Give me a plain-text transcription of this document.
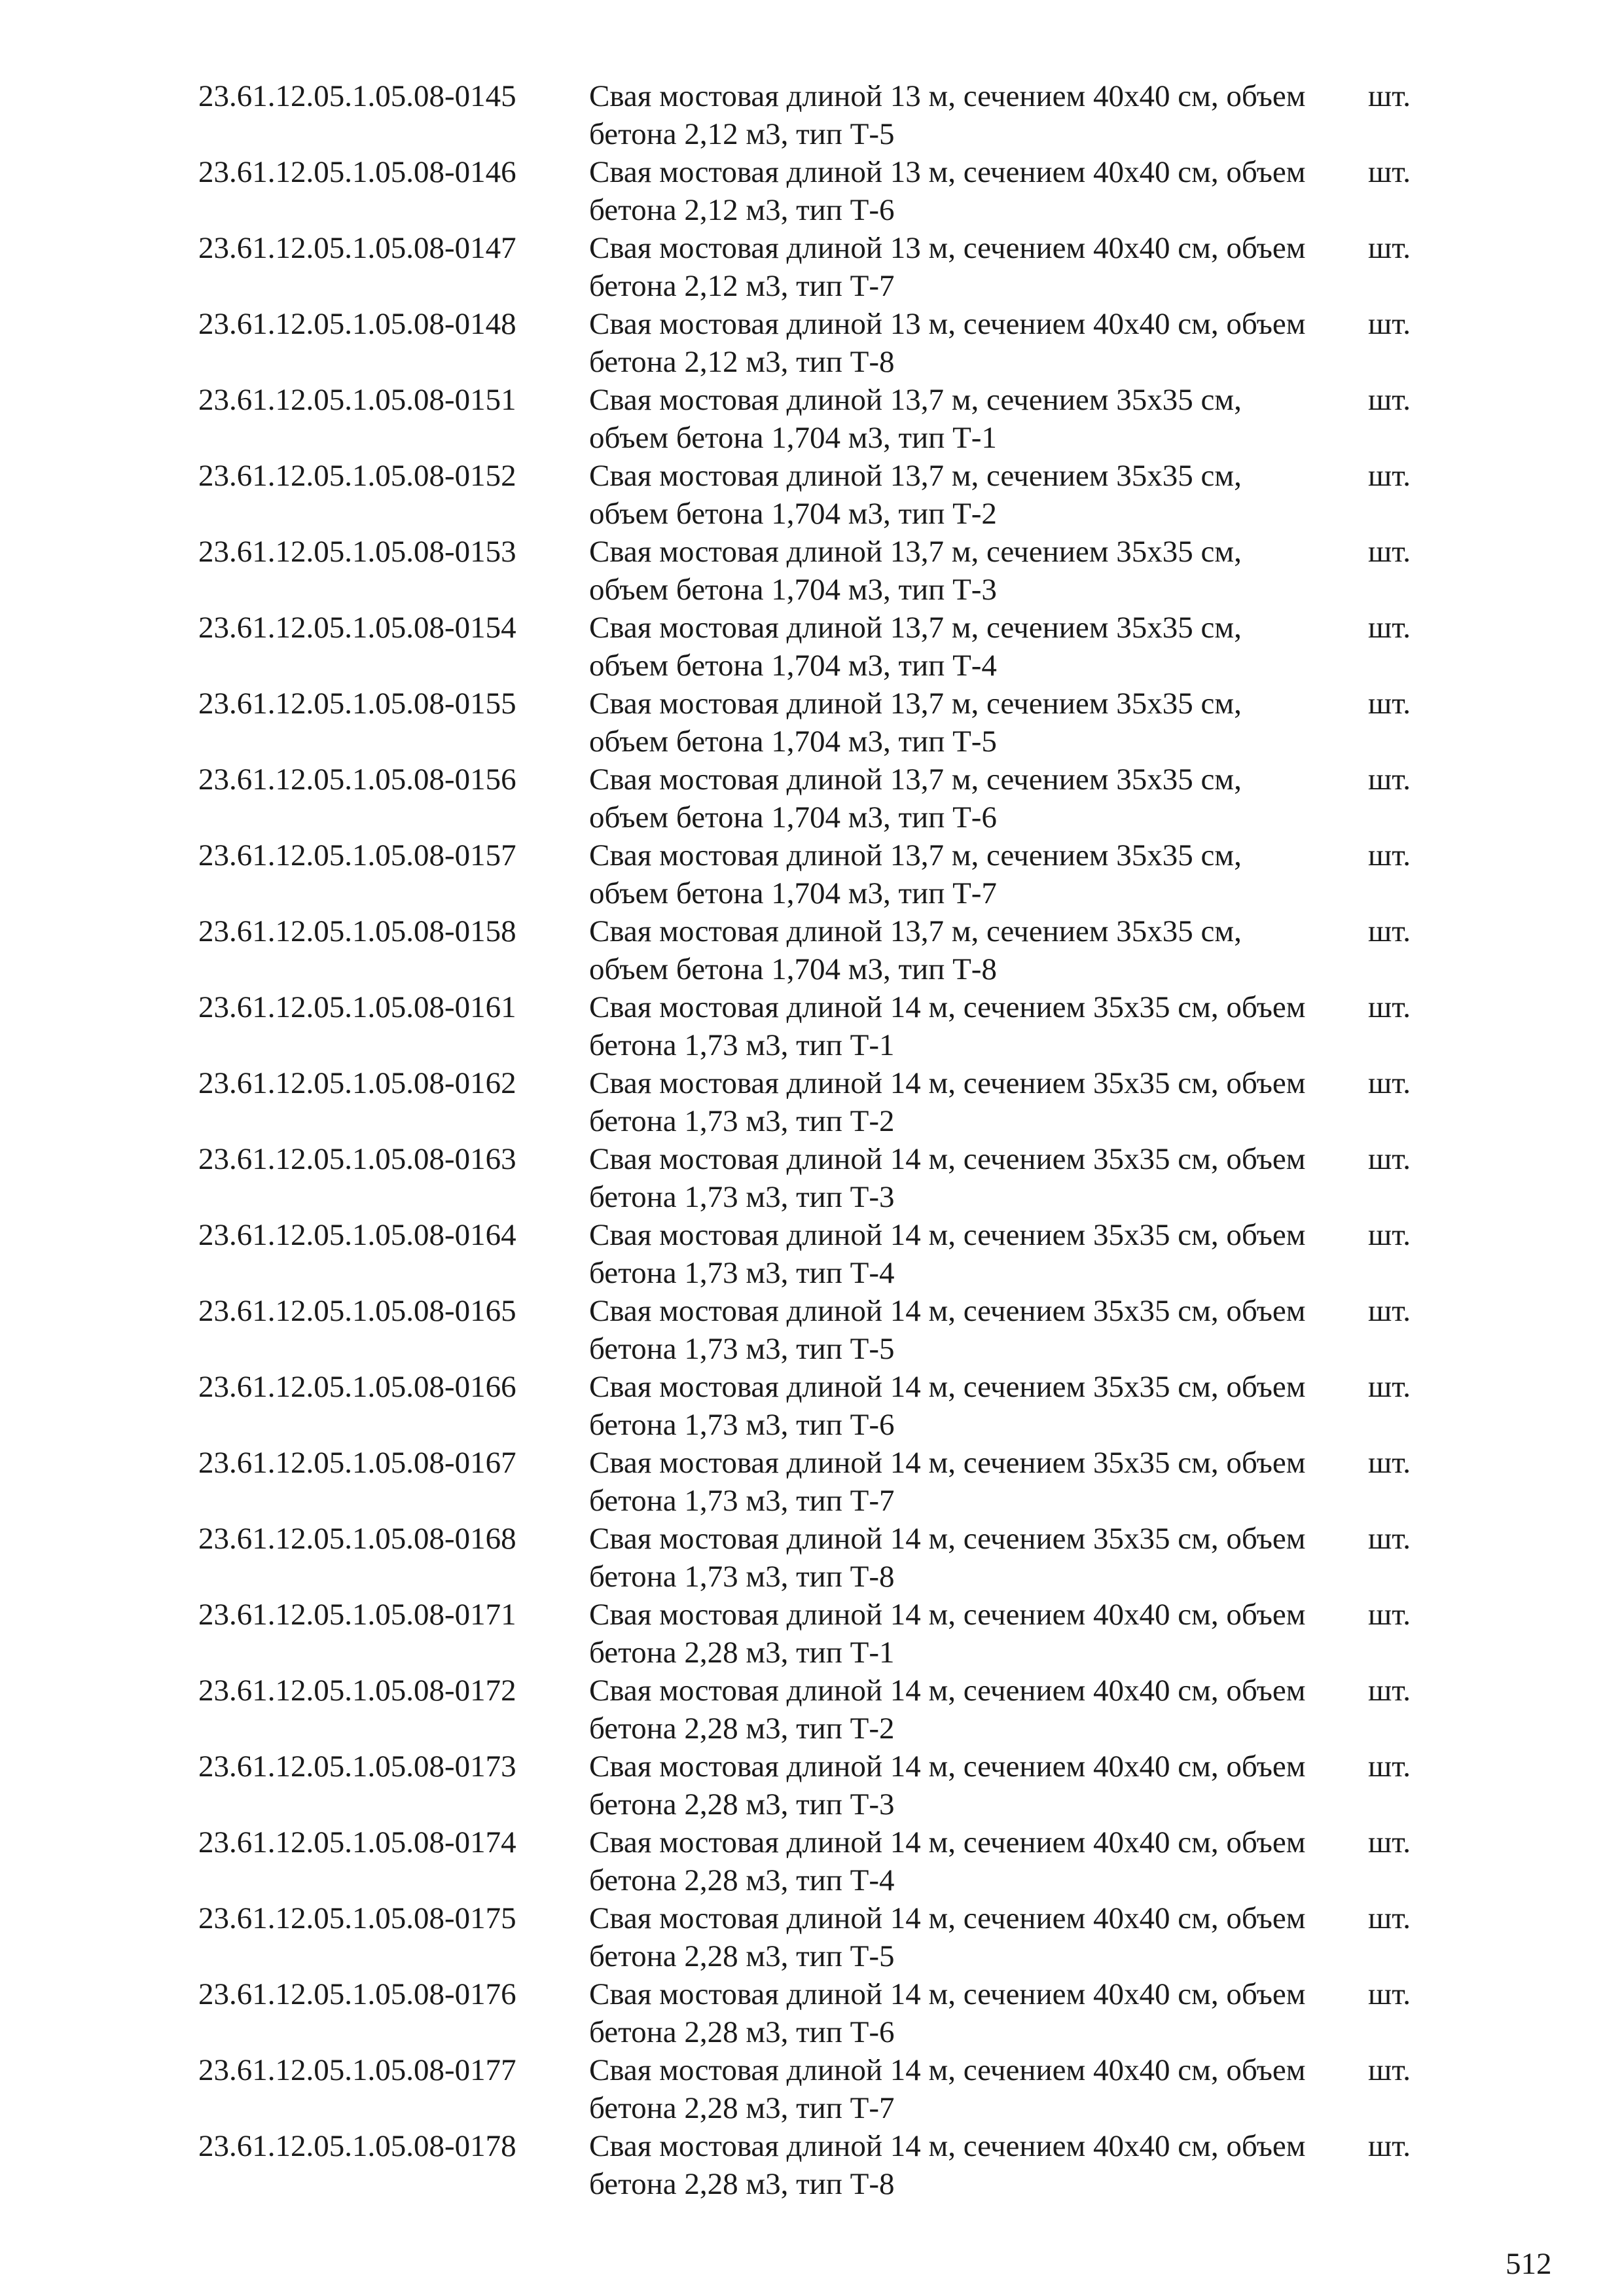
23.61.12.05.1.05.08-0145	Свая мостовая длиной 13 м, сечением 40х40 см, объем
бетона 2,12 м3, тип Т-5
шт.
23.61.12.05.1.05.08-0146	Свая мостовая длиной 13 м, сечением 40х40 см, объем
бетона 2,12 м3, тип Т-6
шт.
23.61.12.05.1.05.08-0147	Свая мостовая длиной 13 м, сечением 40х40 см, объем
бетона 2,12 м3, тип Т-7
шт.
23.61.12.05.1.05.08-0148	Свая мостовая длиной 13 м, сечением 40х40 см, объем
бетона 2,12 м3, тип Т-8
шт.
23.61.12.05.1.05.08-0151	Свая мостовая длиной 13,7 м, сечением 35х35 см,
объем бетона 1,704 м3, тип Т-1
шт.
23.61.12.05.1.05.08-0152	Свая мостовая длиной 13,7 м, сечением 35х35 см,
объем бетона 1,704 м3, тип Т-2
шт.
23.61.12.05.1.05.08-0153	Свая мостовая длиной 13,7 м, сечением 35х35 см,
объем бетона 1,704 м3, тип Т-3
шт.
23.61.12.05.1.05.08-0154	Свая мостовая длиной 13,7 м, сечением 35х35 см,
объем бетона 1,704 м3, тип Т-4
шт.
23.61.12.05.1.05.08-0155	Свая мостовая длиной 13,7 м, сечением 35х35 см,
объем бетона 1,704 м3, тип Т-5
шт.
23.61.12.05.1.05.08-0156	Свая мостовая длиной 13,7 м, сечением 35х35 см,
объем бетона 1,704 м3, тип Т-6
шт.
23.61.12.05.1.05.08-0157	Свая мостовая длиной 13,7 м, сечением 35х35 см,
объем бетона 1,704 м3, тип Т-7
шт.
23.61.12.05.1.05.08-0158	Свая мостовая длиной 13,7 м, сечением 35х35 см,
объем бетона 1,704 м3, тип Т-8
шт.
23.61.12.05.1.05.08-0161	Свая мостовая длиной 14 м, сечением 35х35 см, объем
бетона 1,73 м3, тип Т-1
шт.
23.61.12.05.1.05.08-0162	Свая мостовая длиной 14 м, сечением 35х35 см, объем
бетона 1,73 м3, тип Т-2
шт.
23.61.12.05.1.05.08-0163	Свая мостовая длиной 14 м, сечением 35х35 см, объем
бетона 1,73 м3, тип Т-3
шт.
23.61.12.05.1.05.08-0164	Свая мостовая длиной 14 м, сечением 35х35 см, объем
бетона 1,73 м3, тип Т-4
шт.
23.61.12.05.1.05.08-0165	Свая мостовая длиной 14 м, сечением 35х35 см, объем
бетона 1,73 м3, тип Т-5
шт.
23.61.12.05.1.05.08-0166	Свая мостовая длиной 14 м, сечением 35х35 см, объем
бетона 1,73 м3, тип Т-6
шт.
23.61.12.05.1.05.08-0167	Свая мостовая длиной 14 м, сечением 35х35 см, объем
бетона 1,73 м3, тип Т-7
шт.
23.61.12.05.1.05.08-0168	Свая мостовая длиной 14 м, сечением 35х35 см, объем
бетона 1,73 м3, тип Т-8
шт.
23.61.12.05.1.05.08-0171	Свая мостовая длиной 14 м, сечением 40х40 см, объем
бетона 2,28 м3, тип Т-1
шт.
23.61.12.05.1.05.08-0172	Свая мостовая длиной 14 м, сечением 40х40 см, объем
бетона 2,28 м3, тип Т-2
шт.
23.61.12.05.1.05.08-0173	Свая мостовая длиной 14 м, сечением 40х40 см, объем
бетона 2,28 м3, тип Т-3
шт.
23.61.12.05.1.05.08-0174	Свая мостовая длиной 14 м, сечением 40х40 см, объем
бетона 2,28 м3, тип Т-4
шт.
23.61.12.05.1.05.08-0175	Свая мостовая длиной 14 м, сечением 40х40 см, объем
бетона 2,28 м3, тип Т-5
шт.
23.61.12.05.1.05.08-0176	Свая мостовая длиной 14 м, сечением 40х40 см, объем
бетона 2,28 м3, тип Т-6
шт.
23.61.12.05.1.05.08-0177	Свая мостовая длиной 14 м, сечением 40х40 см, объем
бетона 2,28 м3, тип Т-7
шт.
23.61.12.05.1.05.08-0178	Свая мостовая длиной 14 м, сечением 40х40 см, объем
бетона 2,28 м3, тип Т-8
шт.
512
